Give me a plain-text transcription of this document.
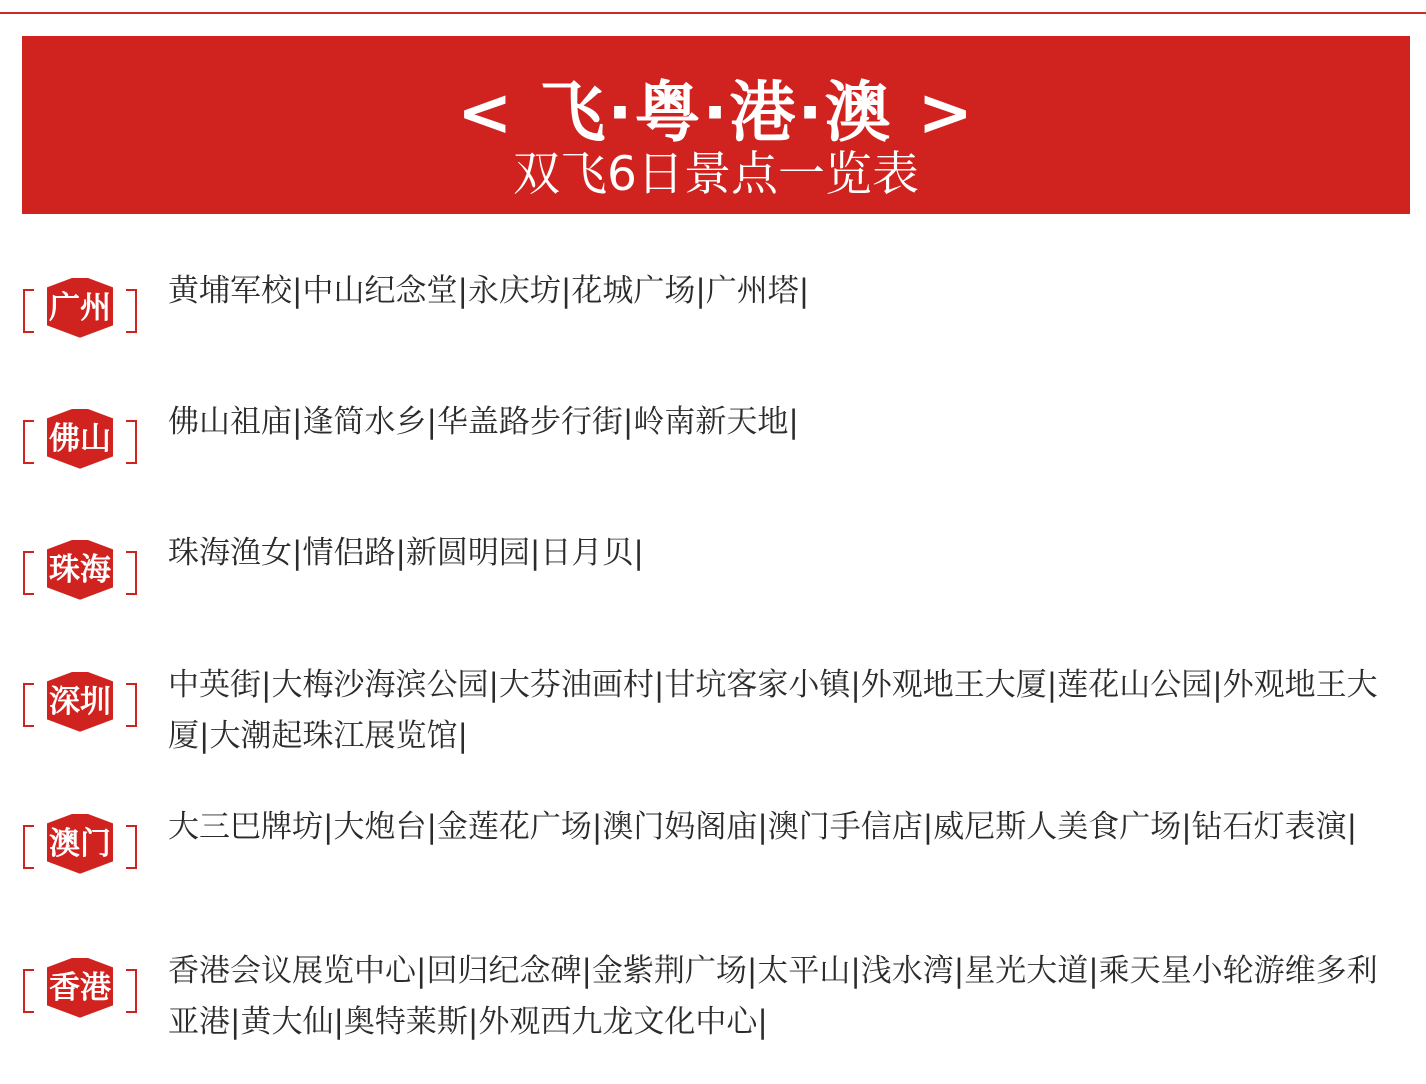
< 飞·粤·港·澳 >
双飞6日景点一览表
广州	黄埔军校|中山纪念堂|永庆坊|花城广场|广州塔|
佛山	佛山祖庙|逢简水乡|华盖路步行街|岭南新天地|
珠海	珠海渔女|情侣路|新圆明园|日月贝|
深圳	中英街|大梅沙海滨公园|大芬油画村|甘坑客家小镇|外观地王大厦|莲花山公园|外观地王大厦|大潮起珠江展览馆|
澳门	大三巴牌坊|大炮台|金莲花广场|澳门妈阁庙|澳门手信店|威尼斯人美食广场|钻石灯表演|
香港	香港会议展览中心|回归纪念碑|金紫荆广场|太平山|浅水湾|星光大道|乘天星小轮游维多利亚港|黄大仙|奥特莱斯|外观西九龙文化中心|
